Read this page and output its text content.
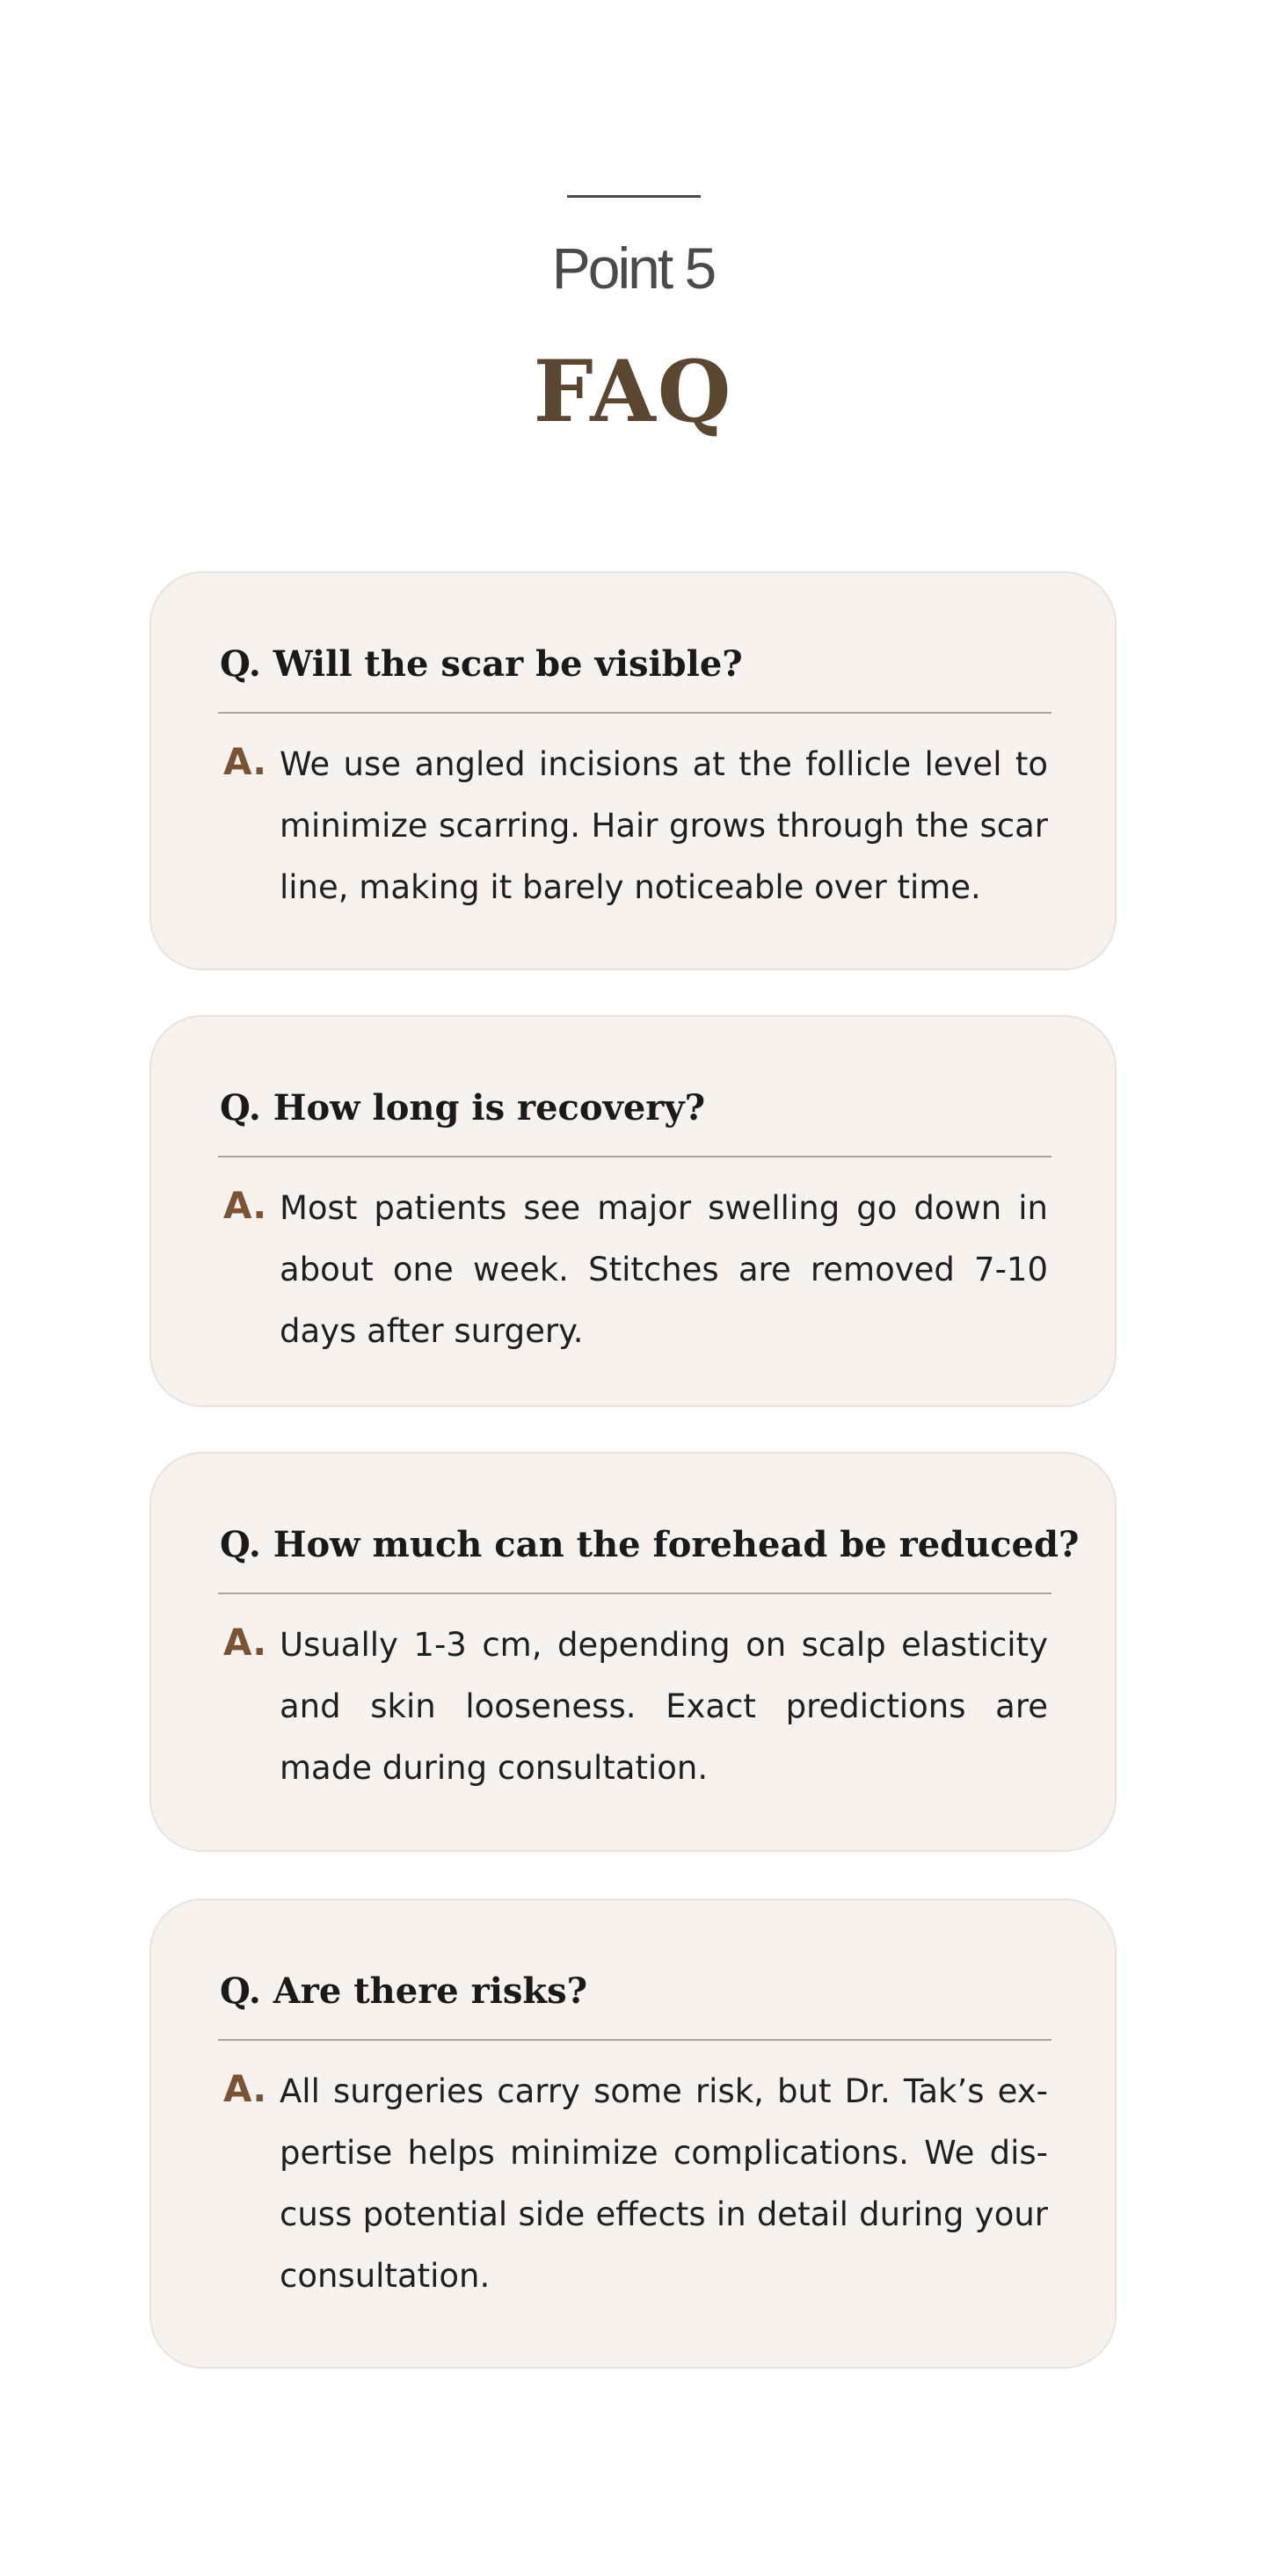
Point 5
FAQ
Q. Will the scar be visible?
A. We use angled incisions at the follicle level to minimize scarring. Hair grows through the scar line, making it barely noticeable over time.
Q. How long is recovery?
A. Most patients see major swelling go down in about one week. Stitches are removed 7-10 days after surgery.
Q. How much can the forehead be reduced?
A. Usually 1-3 cm, depending on scalp elasticity and skin looseness. Exact predictions are made during consultation.
Q. Are there risks?
A. All surgeries carry some risk, but Dr. Tak’s expertise helps minimize complications. We discuss potential side effects in detail during your consultation.
